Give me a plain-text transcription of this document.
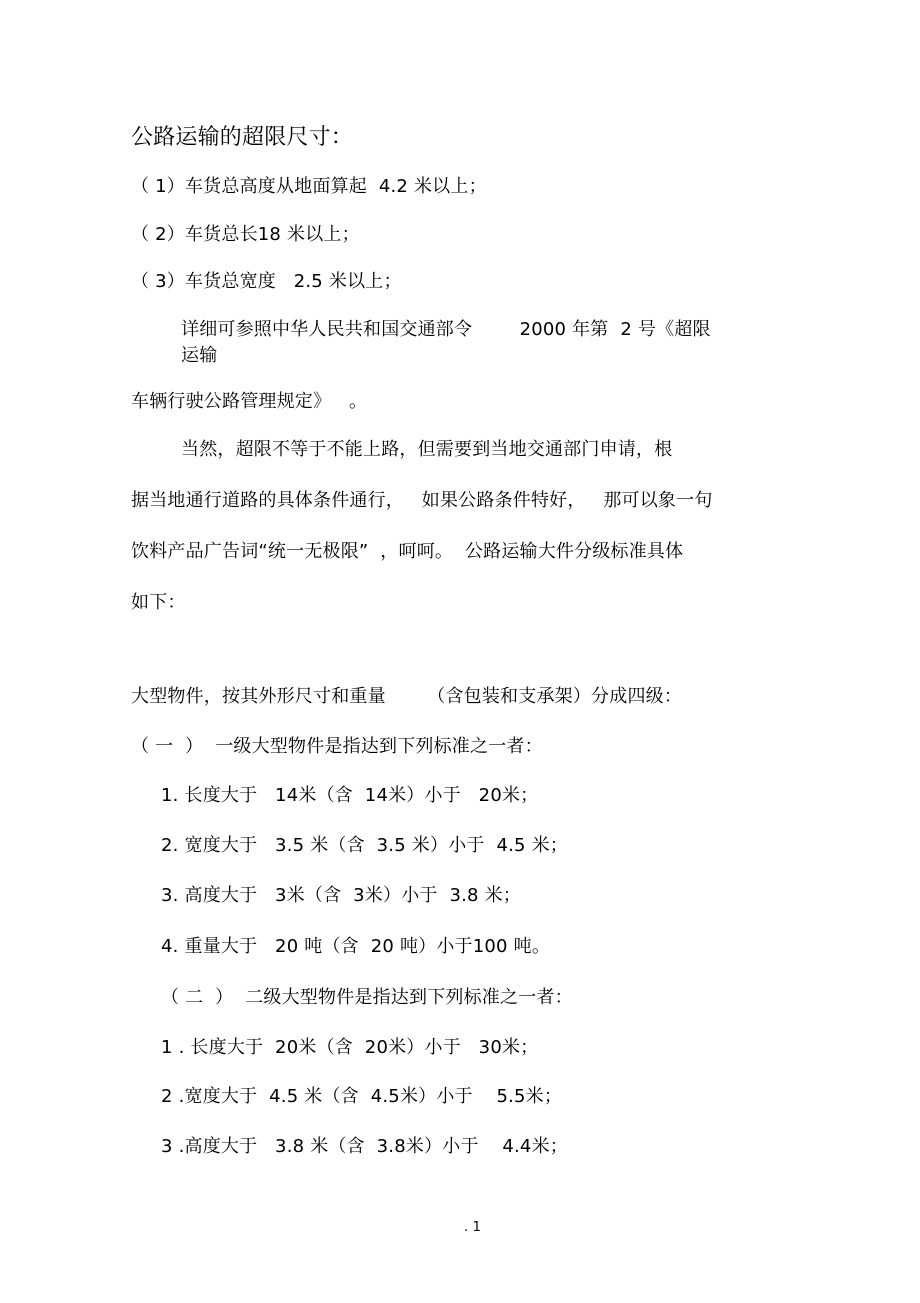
公路运输的超限尺寸：
（ 1）车货总高度从地面算起  4.2 米以上；
（ 2）车货总长18 米以上；
（ 3）车货总宽度   2.5 米以上；
详细可参照中华人民共和国交通部令        2000 年第  2 号《超限
运输
车辆行驶公路管理规定》   。
当然，超限不等于不能上路，但需要到当地交通部门申请，根
据当地通行道路的具体条件通行，   如果公路条件特好，   那可以象一句
饮料产品广告词“统一无极限”  ，呵呵。  公路运输大件分级标准具体
如下：
大型物件，按其外形尺寸和重量       （含包装和支承架）分成四级：
（ 一  ）  一级大型物件是指达到下列标准之一者：
1. 长度大于   14米（含  14米）小于   20米；
2. 宽度大于   3.5 米（含  3.5 米）小于  4.5 米；
3. 高度大于   3米（含  3米）小于  3.8 米；
4. 重量大于   20 吨（含  20 吨）小于100 吨。
（ 二  ）  二级大型物件是指达到下列标准之一者：
1 . 长度大于  20米（含  20米）小于   30米；
2 .宽度大于  4.5 米（含  4.5米）小于    5.5米；
3 .高度大于   3.8 米（含  3.8米）小于    4.4米；
. 1
